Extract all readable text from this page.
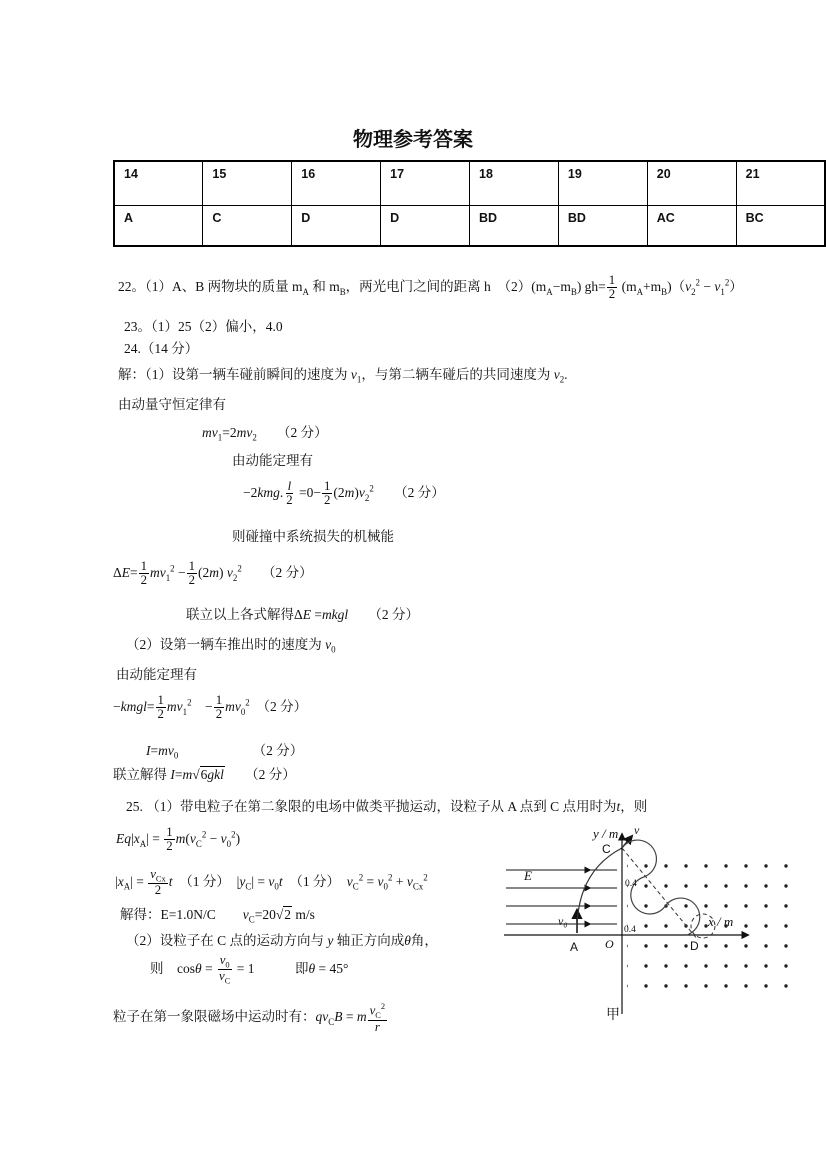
物理参考答案
14	15	16	17	18	19	20	21
A	C	D	D	BD	BD	AC	BC
22。（1）A、B 两物块的质量 $m_A$ 和 $m_B$，两光电门之间的距离 h　$(2)(m_A-m_B)$ $gh= \frac{1}{2} (m_A+m_B)(v_2^2 - v_1^2)$
23。（1）25（2）偏小，4.0
24.（14 分）
解：（1）设第一辆车碰前瞬间的速度为 $v_1$，与第二辆车碰后的共同速度为 $v_2$.
由动量守恒定律有
$mv_1=2mv_2$　　（2 分）
由动能定理有
−2kmg. $\frac{l}{2} =0- \frac{1}{2} (2m)v_2^2$　　（2 分）
则碰撞中系统损失的机械能
$\Delta E= \frac{1}{2} mv_1^2 - \frac{1}{2} (2m)$ $v_2^2$　　（2 分）
联立以上各式解得ΔE =mkgl　　（2 分）
（2）设第一辆车推出时的速度为 $v_0$
由动能定理有
−kmgl= $\frac{1}{2} mv_1^2$　− $\frac{1}{2} mv_0^2$　（2 分）
$I=mv_0$　　　　　　（2 分）
联立解得 I=m√6gkl　　（2 分）
25. （1）带电粒子在第二象限的电场中做类平抛运动，设粒子从 A 点到 C 点用时为t，则
$Eq|x_A| = \frac{1}{2} m(v_C^2 - v_0^2)$
$|x_A| = \frac{v_{Cx}}{2}$ t　（1 分）　$|y_C| = v_0t$　（1 分）　$v_C^2 = v_0^2 + v_{Cx}^2$
解得：E=1.0N/C　　$v_C=20√2$ m/s
（2）设粒子在 C 点的运动方向与 y 轴正方向成θ角，
则　$\cos\theta = \frac{v_0}{v_C} = 1$　　　即θ = 45°
粒子在第一象限磁场中运动时有：$qv_CB = m \frac{v_C^2}{r}$
y / m
x / m
E
v₀
v
C
D
A O
0.4
0.4
甲
